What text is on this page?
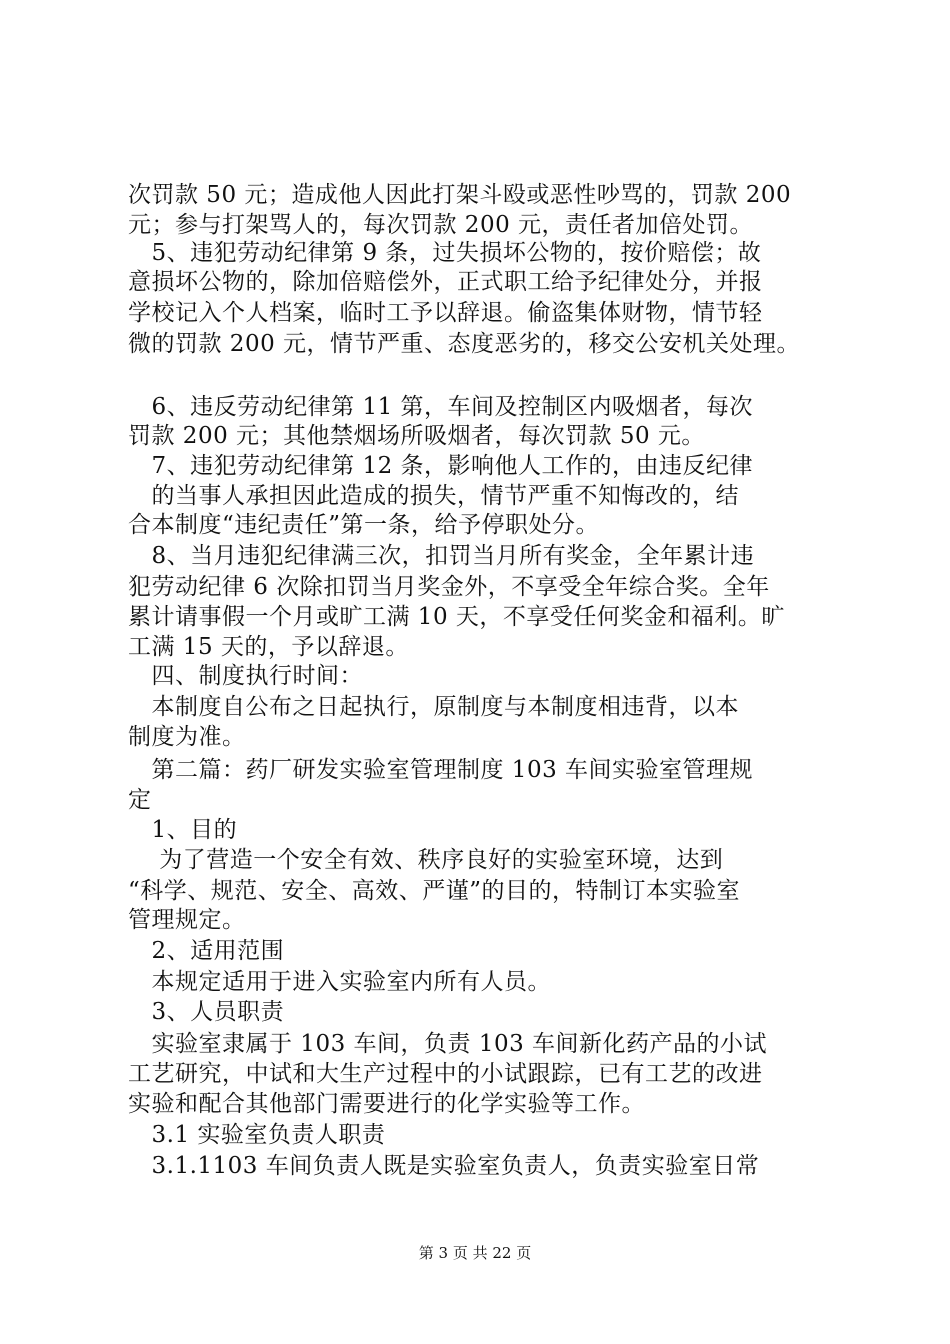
次罚款 50 元；造成他人因此打架斗殴或恶性吵骂的，罚款 200
元；参与打架骂人的，每次罚款 200 元，责任者加倍处罚。
　5、违犯劳动纪律第 9 条，过失损坏公物的，按价赔偿；故
意损坏公物的，除加倍赔偿外，正式职工给予纪律处分，并报
学校记入个人档案，临时工予以辞退。偷盗集体财物，情节轻
微的罚款 200 元，情节严重、态度恶劣的，移交公安机关处理。
　6、违反劳动纪律第 11 第，车间及控制区内吸烟者，每次
罚款 200 元；其他禁烟场所吸烟者，每次罚款 50 元。
　7、违犯劳动纪律第 12 条，影响他人工作的，由违反纪律
　的当事人承担因此造成的损失，情节严重不知悔改的，结
合本制度“违纪责任”第一条，给予停职处分。
　8、当月违犯纪律满三次，扣罚当月所有奖金，全年累计违
犯劳动纪律 6 次除扣罚当月奖金外，不享受全年综合奖。全年
累计请事假一个月或旷工满 10 天，不享受任何奖金和福利。旷
工满 15 天的，予以辞退。
　四、制度执行时间：
　本制度自公布之日起执行，原制度与本制度相违背，以本
制度为准。
　第二篇：药厂研发实验室管理制度 103 车间实验室管理规
定
　1、目的
　 为了营造一个安全有效、秩序良好的实验室环境，达到
“科学、规范、安全、高效、严谨”的目的，特制订本实验室
管理规定。
　2、适用范围
　本规定适用于进入实验室内所有人员。
　3、人员职责
　实验室隶属于 103 车间，负责 103 车间新化药产品的小试
工艺研究，中试和大生产过程中的小试跟踪，已有工艺的改进
实验和配合其他部门需要进行的化学实验等工作。
　3.1 实验室负责人职责
　3.1.1103 车间负责人既是实验室负责人，负责实验室日常
第 3 页 共 22 页
